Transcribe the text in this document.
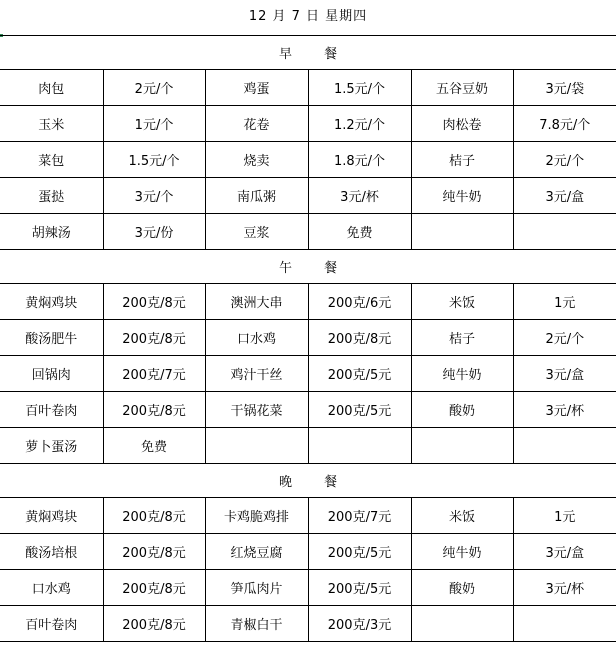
12 月 7 日 星期四
早 餐					
肉包	2元/个	鸡蛋	1.5元/个	五谷豆奶	3元/袋
玉米	1元/个	花卷	1.2元/个	肉松卷	7.8元/个
菜包	1.5元/个	烧卖	1.8元/个	桔子	2元/个
蛋挞	3元/个	南瓜粥	3元/杯	纯牛奶	3元/盒
胡辣汤	3元/份	豆浆	免费		
午 餐					
黄焖鸡块	200克/8元	澳洲大串	200克/6元	米饭	1元
酸汤肥牛	200克/8元	口水鸡	200克/8元	桔子	2元/个
回锅肉	200克/7元	鸡汁干丝	200克/5元	纯牛奶	3元/盒
百叶卷肉	200克/8元	干锅花菜	200克/5元	酸奶	3元/杯
萝卜蛋汤	免费				
晚 餐					
黄焖鸡块	200克/8元	卡鸡脆鸡排	200克/7元	米饭	1元
酸汤培根	200克/8元	红烧豆腐	200克/5元	纯牛奶	3元/盒
口水鸡	200克/8元	笋瓜肉片	200克/5元	酸奶	3元/杯
百叶卷肉	200克/8元	青椒白干	200克/3元		
